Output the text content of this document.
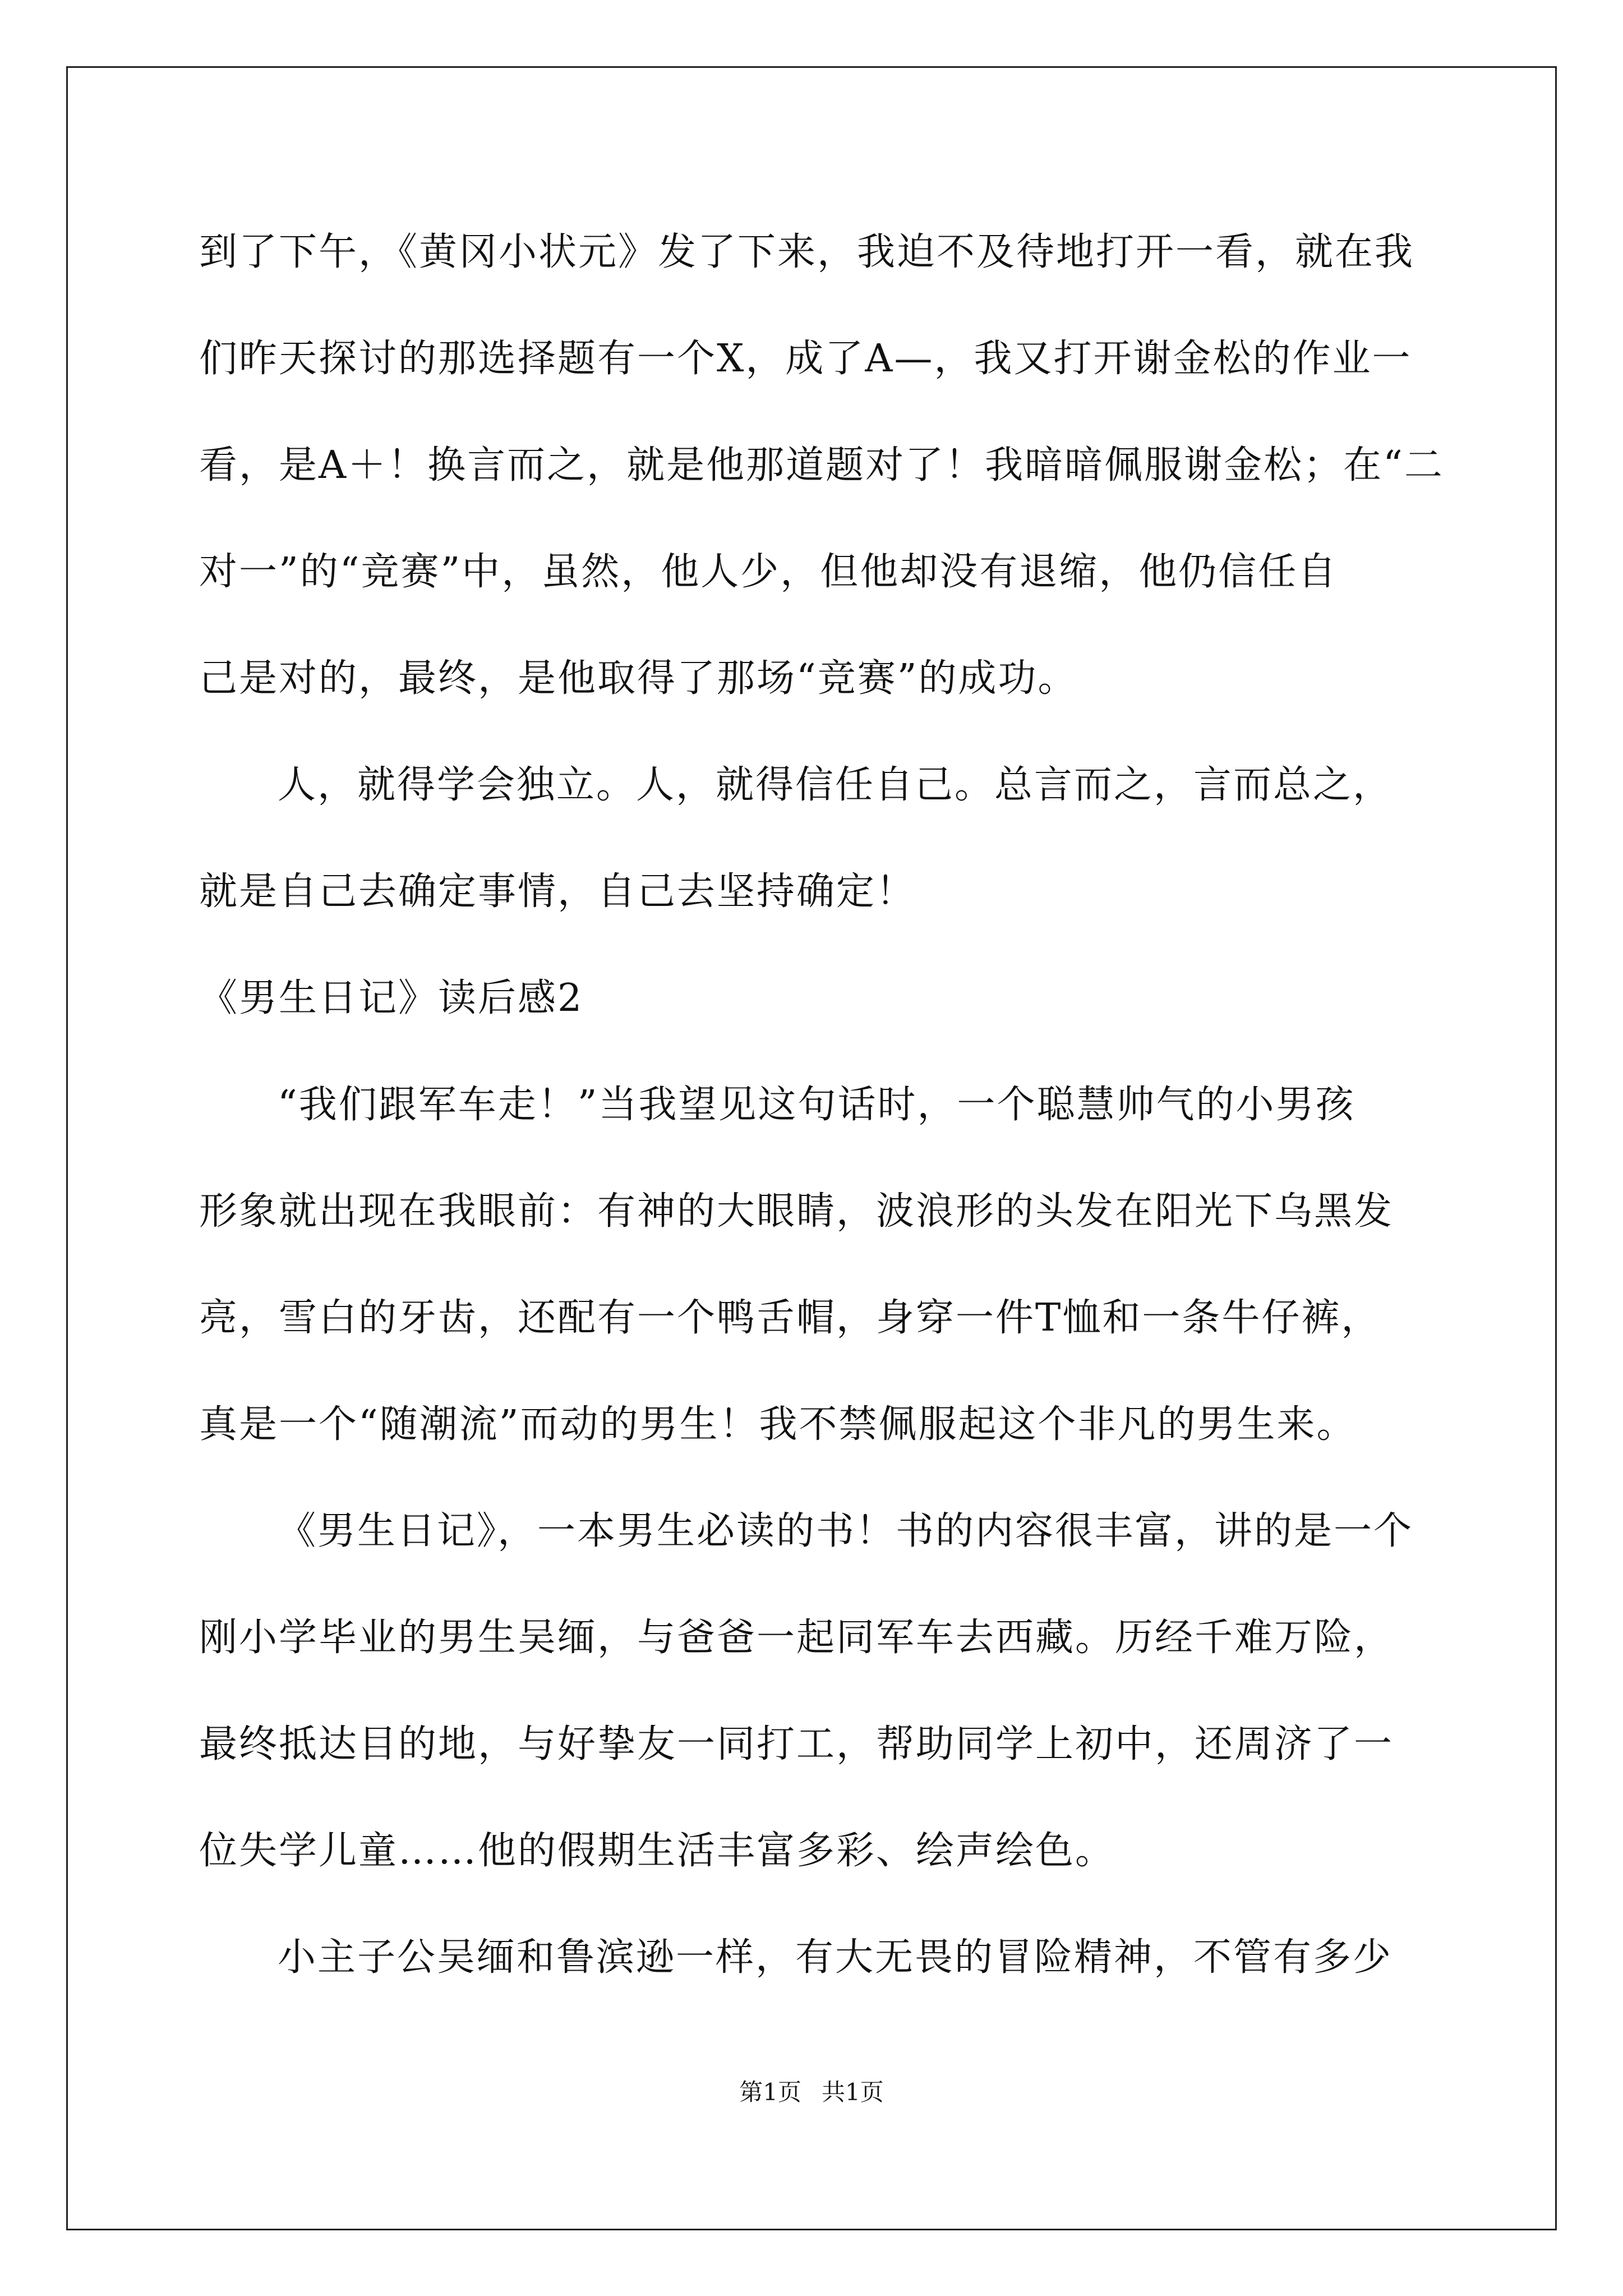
到了下午，《黄冈小状元》发了下来，我迫不及待地打开一看，就在我
们昨天探讨的那选择题有一个X，成了A—，我又打开谢金松的作业一
看，是A＋！换言而之，就是他那道题对了！我暗暗佩服谢金松；在“二
对一”的“竞赛”中，虽然，他人少，但他却没有退缩，他仍信任自
己是对的，最终，是他取得了那场“竞赛”的成功。
人，就得学会独立。人，就得信任自己。总言而之，言而总之，
就是自己去确定事情，自己去坚持确定！
《男生日记》读后感2
“我们跟军车走！”当我望见这句话时，一个聪慧帅气的小男孩
形象就出现在我眼前：有神的大眼睛，波浪形的头发在阳光下乌黑发
亮，雪白的牙齿，还配有一个鸭舌帽，身穿一件T恤和一条牛仔裤，
真是一个“随潮流”而动的男生！我不禁佩服起这个非凡的男生来。
《男生日记》，一本男生必读的书！书的内容很丰富，讲的是一个
刚小学毕业的男生吴缅，与爸爸一起同军车去西藏。历经千难万险，
最终抵达目的地，与好挚友一同打工，帮助同学上初中，还周济了一
位失学儿童……他的假期生活丰富多彩、绘声绘色。
小主子公吴缅和鲁滨逊一样，有大无畏的冒险精神，不管有多少
第1页 共1页
